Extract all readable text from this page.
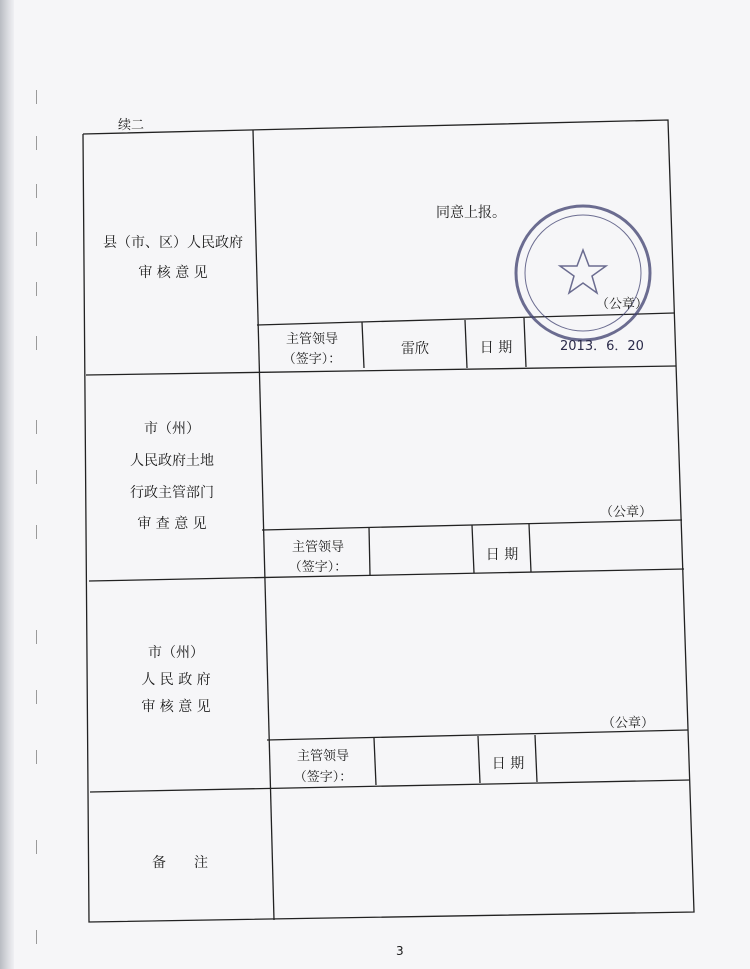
续二
县（市、区）人民政府
审 核 意 见
同意上报。
（公章）
主管领导
（签字）：
雷欣	日 期	2013．6．20
市（州）
人民政府土地
行政主管部门
审 查 意 见
（公章）
主管领导
（签字）：
日 期
市（州）
人 民 政 府
审 核 意 见
（公章）
主管领导
（签字）：
日 期
备　　注
3
